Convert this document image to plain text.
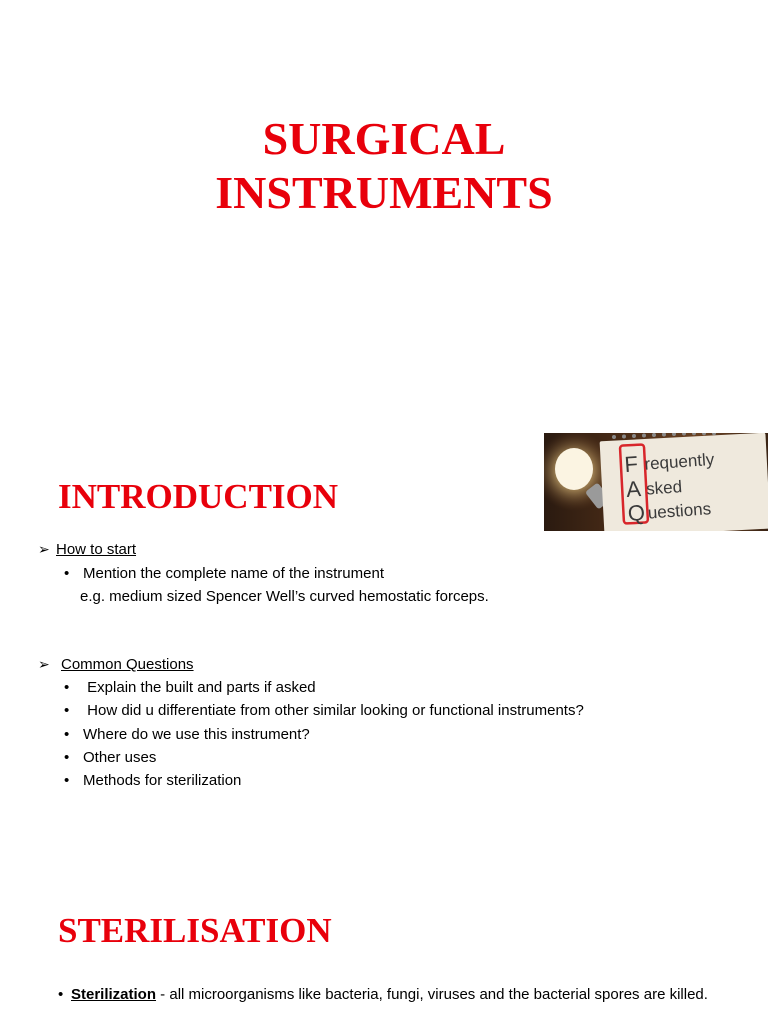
SURGICAL
INSTRUMENTS
INTRODUCTION
F
A
Q
requently
sked
uestions

➢ How to start

• Mention the complete name of the instrument

e.g. medium sized Spencer Well’s curved hemostatic forceps.

➢ Common Questions

• Explain the built and parts if asked
• How did u differentiate from other similar looking or functional instruments?
• Where do we use this instrument?
• Other uses
• Methods for sterilization
STERILISATION

• Sterilization - all microorganisms like bacteria, fungi, viruses and the bacterial spores are killed.
